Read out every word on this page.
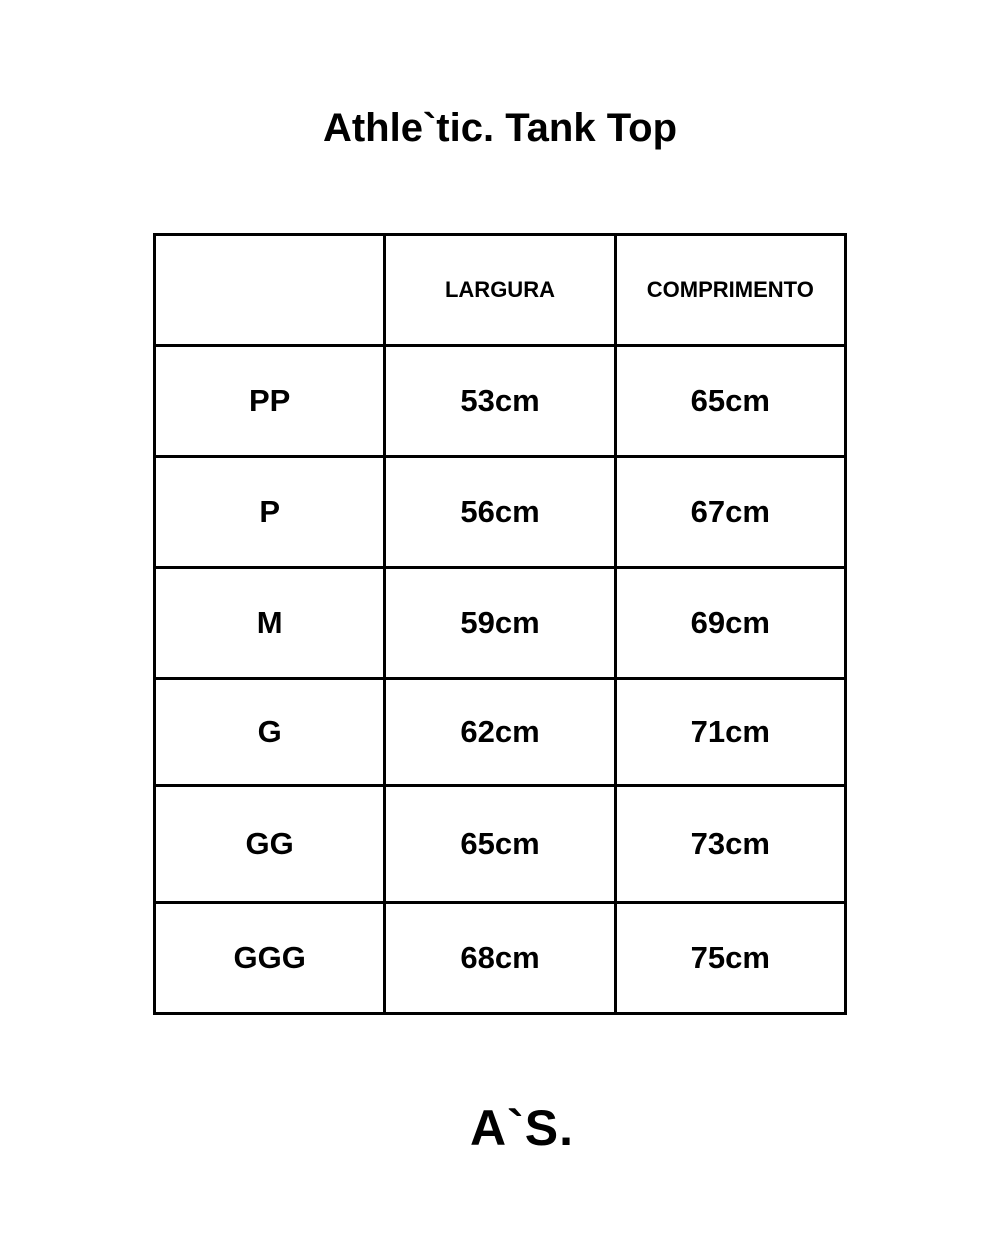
Athle`tic. Tank Top
	LARGURA	COMPRIMENTO
PP	53cm	65cm
P	56cm	67cm
M	59cm	69cm
G	62cm	71cm
GG	65cm	73cm
GGG	68cm	75cm
A`S.
